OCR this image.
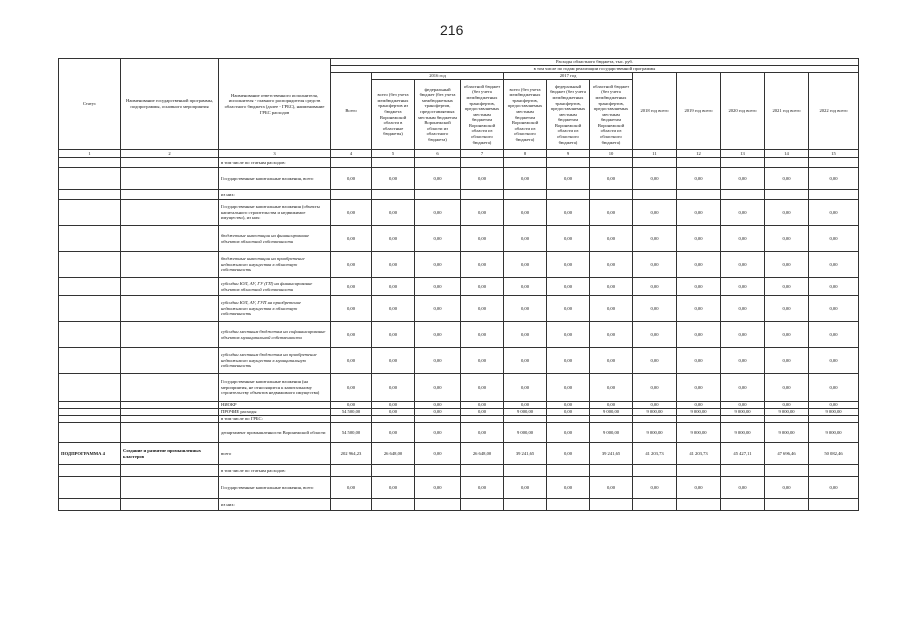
216
Статус	Наименование государственной программы, подпрограммы, основного мероприятия	Наименование ответственного исполнителя, исполнителя - главного распорядителя средств областного бюджета (далее - ГРБС), наименование ГРБС расходов	Расходы областного бюджета, тыс. руб.											
			в том числе по годам реализации государственной программы											
			Всего	2016 год			2017 год			2018 год всего	2019 год всего	2020 год всего	2021 год всего	2022 год всего
				всего (без учета межбюджетных трансфертов из бюджета Воронежской области в областные бюджеты)	федеральный бюджет (без учета межбюджетных трансфертов, предоставляемых местным бюджетам Воронежской области из областного бюджета)	областной бюджет (без учета межбюджетных трансфертов, предоставляемых местным бюджетам Воронежской области из областного бюджета)	всего (без учета межбюджетных трансфертов, предоставляемых местным бюджетам Воронежской области из областного бюджета)	федеральный бюджет (без учета межбюджетных трансфертов, предоставляемых местным бюджетам Воронежской области из областного бюджета)	областной бюджет (без учета межбюджетных трансфертов, предоставляемых местным бюджетам Воронежской области из областного бюджета)					
1	2	3	4	5	6	7	8	9	10	11	12	13	14	15
		в том числе по статьям расходов:												
		Государственные капитальные вложения, всего	0,00	0,00	0,00	0,00	0,00	0,00	0,00	0,00	0,00	0,00	0,00	0,00
		из них:												
		Государственные капитальные вложения (объекты капитального строительства и недвижимое имущество), из них:	0,00	0,00	0,00	0,00	0,00	0,00	0,00	0,00	0,00	0,00	0,00	0,00
		бюджетные инвестиции на финансирование объектов областной собственности	0,00	0,00	0,00	0,00	0,00	0,00	0,00	0,00	0,00	0,00	0,00	0,00
		бюджетные инвестиции на приобретение недвижимого имущества в областную собственность	0,00	0,00	0,00	0,00	0,00	0,00	0,00	0,00	0,00	0,00	0,00	0,00
		субсидии ЮЛ, АУ, ГУ (ГП) на финансирование объектов областной собственности	0,00	0,00	0,00	0,00	0,00	0,00	0,00	0,00	0,00	0,00	0,00	0,00
		субсидии ЮЛ, АУ, ГУП на приобретение недвижимого имущества в областную собственность	0,00	0,00	0,00	0,00	0,00	0,00	0,00	0,00	0,00	0,00	0,00	0,00
		субсидии местным бюджетам на софинансирование объектов муниципальной собственности	0,00	0,00	0,00	0,00	0,00	0,00	0,00	0,00	0,00	0,00	0,00	0,00
		субсидии местным бюджетам на приобретение недвижимого имущества в муниципальную собственность	0,00	0,00	0,00	0,00	0,00	0,00	0,00	0,00	0,00	0,00	0,00	0,00
		Государственные капитальные вложения (на мероприятия, не относящиеся к капитальному строительству объектов недвижимого имущества)	0,00	0,00	0,00	0,00	0,00	0,00	0,00	0,00	0,00	0,00	0,00	0,00
		НИОКР	0,00	0,00	0,00	0,00	0,00	0,00	0,00	0,00	0,00	0,00	0,00	0,00
		ПРОЧИЕ расходы	54 500,00	0,00	0,00	0,00	9 000,00	0,00	9 000,00	9 000,00	9 000,00	9 000,00	9 000,00	9 000,00
		в том числе по ГРБС:												
		департамент промышленности Воронежской области	54 500,00	0,00	0,00	0,00	9 000,00	0,00	9 000,00	9 000,00	9 000,00	9 000,00	9 000,00	9 000,00
ПОДПРОГРАММА 4	Создание и развитие промышленных кластеров	всего	202 964,23	26 648,00	0,00	26 648,00	39 241,65	0,00	39 241,65	41 203,73	41 203,73	45 427,11	47 696,46	50 082,46
		в том числе по статьям расходов:												
		Государственные капитальные вложения, всего	0,00	0,00	0,00	0,00	0,00	0,00	0,00	0,00	0,00	0,00	0,00	0,00
		из них:												
